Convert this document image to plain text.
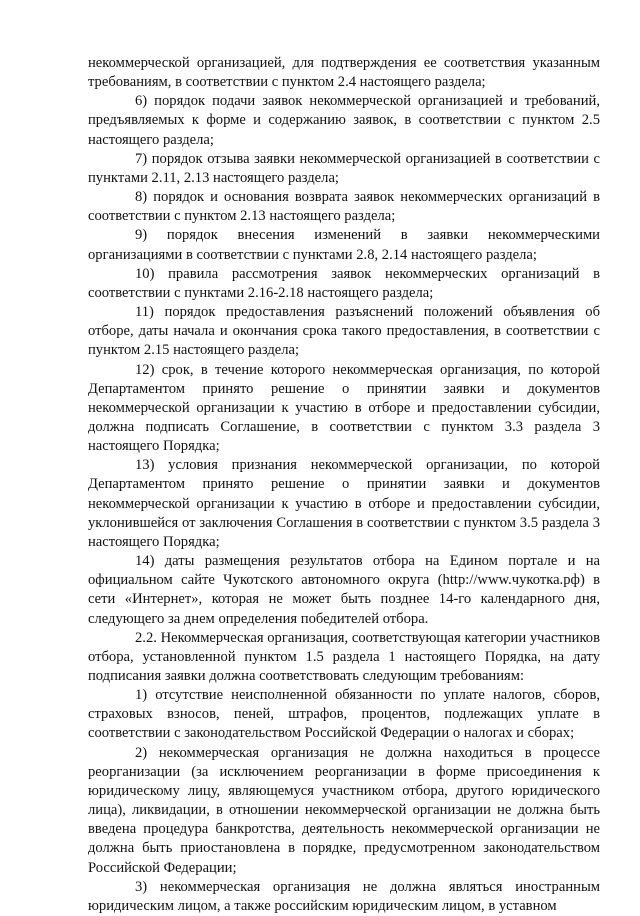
некоммерческой организацией, для подтверждения ее соответствия указанным требованиям, в соответствии с пунктом 2.4 настоящего раздела;

6) порядок подачи заявок некоммерческой организацией и требований, предъявляемых к форме и содержанию заявок, в соответствии с пунктом 2.5 настоящего раздела;

7) порядок отзыва заявки некоммерческой организацией в соответствии с пунктами 2.11, 2.13 настоящего раздела;

8) порядок и основания возврата заявок некоммерческих организаций в соответствии с пунктом 2.13 настоящего раздела;

9) порядок внесения изменений в заявки некоммерческими организациями в соответствии с пунктами 2.8, 2.14 настоящего раздела;

10) правила рассмотрения заявок некоммерческих организаций в соответствии с пунктами 2.16-2.18 настоящего раздела;

11) порядок предоставления разъяснений положений объявления об отборе, даты начала и окончания срока такого предоставления, в соответствии с пунктом 2.15 настоящего раздела;

12) срок, в течение которого некоммерческая организация, по которой Департаментом принято решение о принятии заявки и документов некоммерческой организации к участию в отборе и предоставлении субсидии, должна подписать Соглашение, в соответствии с пунктом 3.3 раздела 3 настоящего Порядка;

13) условия признания некоммерческой организации, по которой Департаментом принято решение о принятии заявки и документов некоммерческой организации к участию в отборе и предоставлении субсидии, уклонившейся от заключения Соглашения в соответствии с пунктом 3.5 раздела 3 настоящего Порядка;

14) даты размещения результатов отбора на Едином портале и на официальном сайте Чукотского автономного округа (http://www.чукотка.рф) в сети «Интернет», которая не может быть позднее 14-го календарного дня, следующего за днем определения победителей отбора.

2.2. Некоммерческая организация, соответствующая категории участников отбора, установленной пунктом 1.5 раздела 1 настоящего Порядка, на дату подписания заявки должна соответствовать следующим требованиям:

1) отсутствие неисполненной обязанности по уплате налогов, сборов, страховых взносов, пеней, штрафов, процентов, подлежащих уплате в соответствии с законодательством Российской Федерации о налогах и сборах;

2) некоммерческая организация не должна находиться в процессе реорганизации (за исключением реорганизации в форме присоединения к юридическому лицу, являющемуся участником отбора, другого юридического лица), ликвидации, в отношении некоммерческой организации не должна быть введена процедура банкротства, деятельность некоммерческой организации не должна быть приостановлена в порядке, предусмотренном законодательством Российской Федерации;

3) некоммерческая организация не должна являться иностранным юридическим лицом, а также российским юридическим лицом, в уставном
